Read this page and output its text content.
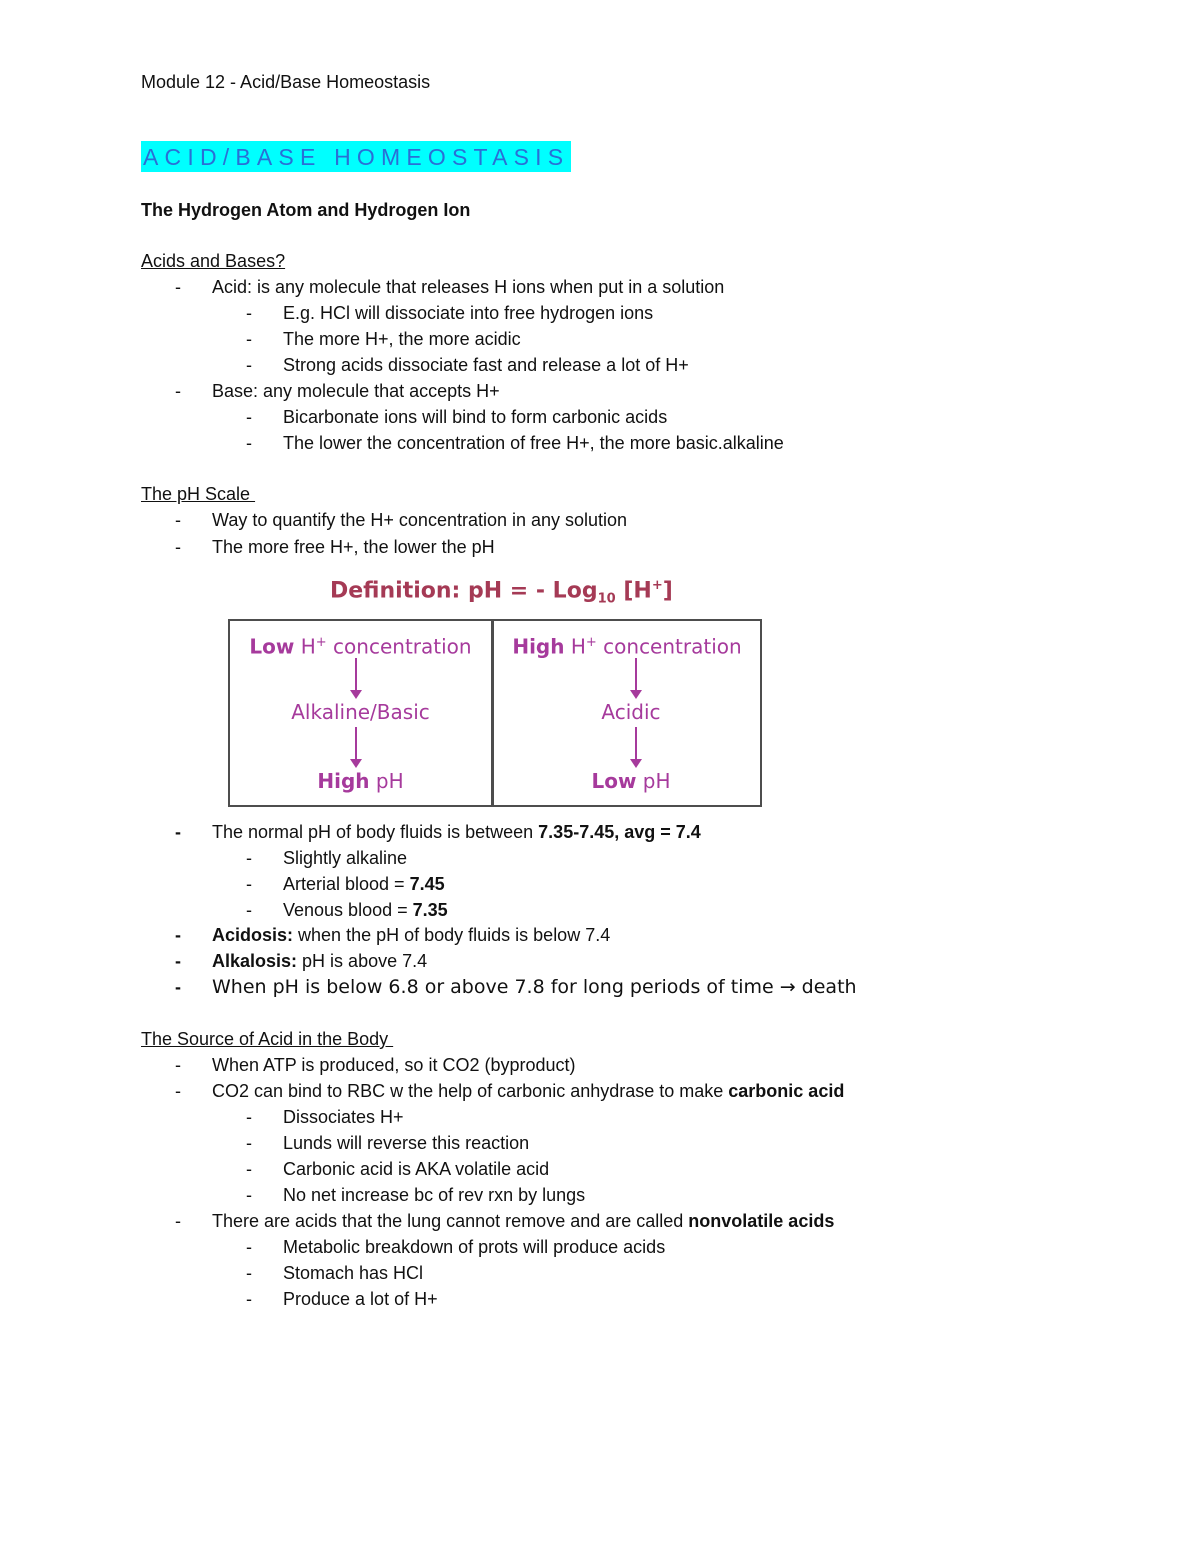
Module 12 - Acid/Base Homeostasis
ACID/BASE HOMEOSTASIS
The Hydrogen Atom and Hydrogen Ion
Acids and Bases?
- Acid: is any molecule that releases H ions when put in a solution
- E.g. HCl will dissociate into free hydrogen ions
- The more H+, the more acidic
- Strong acids dissociate fast and release a lot of H+
- Base: any molecule that accepts H+
- Bicarbonate ions will bind to form carbonic acids
- The lower the concentration of free H+, the more basic.alkaline
The pH Scale
- Way to quantify the H+ concentration in any solution
- The more free H+, the lower the pH
Definition: pH = - Log$_{10}$ [H+]
Low H+ concentration
Alkaline/Basic
High pH
High H+ concentration
Acidic
Low pH
- The normal pH of body fluids is between 7.35-7.45, avg = 7.4
- Slightly alkaline
- Arterial blood = 7.45
- Venous blood = 7.35
- Acidosis: when the pH of body fluids is below 7.4
- Alkalosis: pH is above 7.4
- When pH is below 6.8 or above 7.8 for long periods of time → death
The Source of Acid in the Body
- When ATP is produced, so it CO2 (byproduct)
- CO2 can bind to RBC w the help of carbonic anhydrase to make carbonic acid
- Dissociates H+
- Lunds will reverse this reaction
- Carbonic acid is AKA volatile acid
- No net increase bc of rev rxn by lungs
- There are acids that the lung cannot remove and are called nonvolatile acids
- Metabolic breakdown of prots will produce acids
- Stomach has HCl
- Produce a lot of H+
